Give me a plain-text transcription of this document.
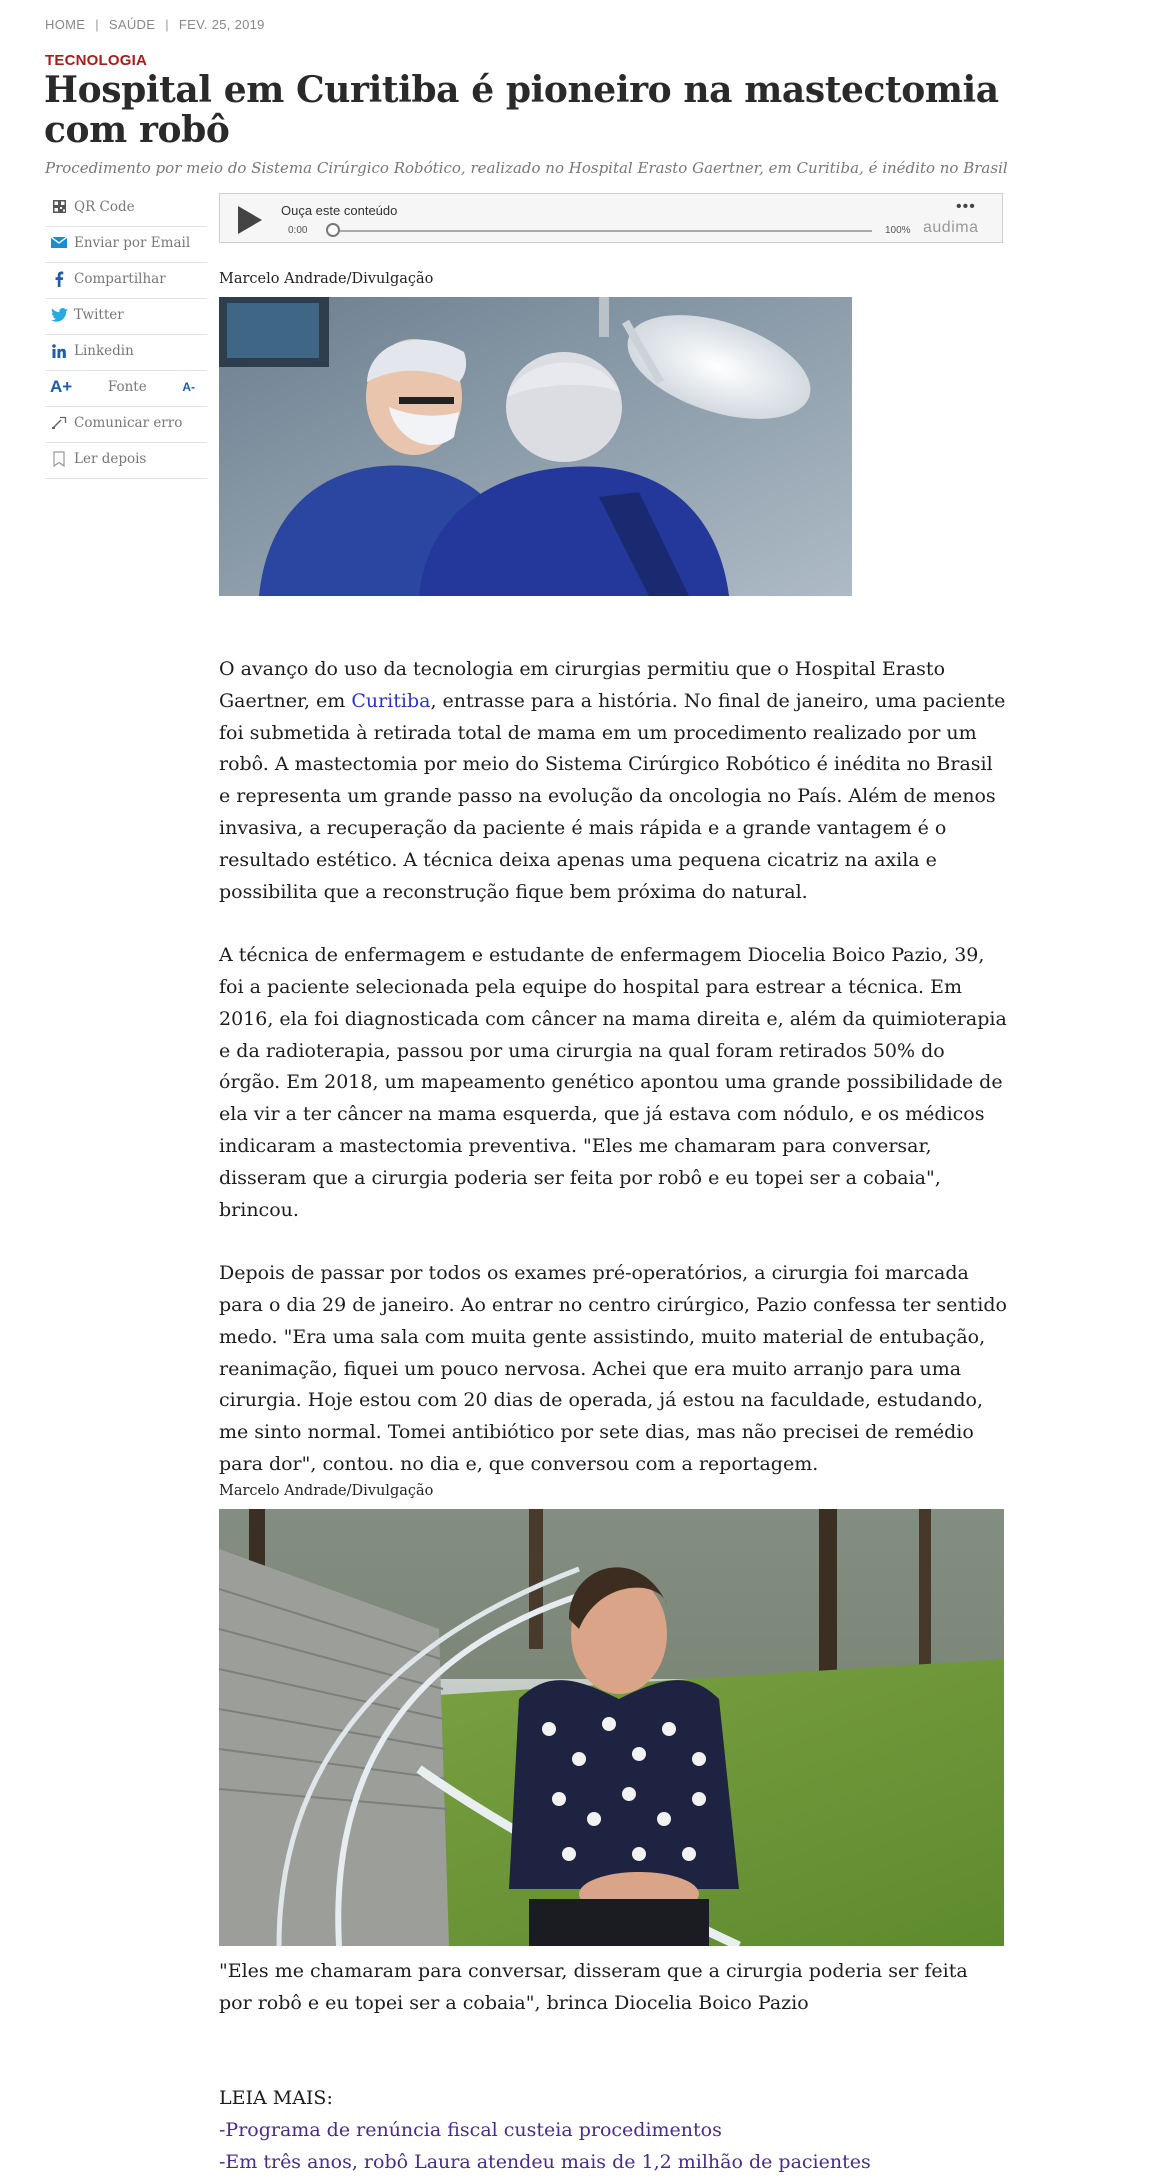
HOME | SAÚDE | FEV. 25, 2019
TECNOLOGIA
Hospital em Curitiba é pioneiro na mastectomia com robô

Procedimento por meio do Sistema Cirúrgico Robótico, realizado no Hospital Erasto Gaertner, em Curitiba, é inédito no Brasil

QR Code
Enviar por Email
Compartilhar
Twitter
Linkedin
A+	Fonte	A-
Comunicar erro
Ler depois
Ouça este conteúdo
0:00	100%
•••
audima
Marcelo Andrade/Divulgação

O avanço do uso da tecnologia em cirurgias permitiu que o Hospital Erasto Gaertner, em Curitiba, entrasse para a história. No final de janeiro, uma paciente foi submetida à retirada total de mama em um procedimento realizado por um robô. A mastectomia por meio do Sistema Cirúrgico Robótico é inédita no Brasil e representa um grande passo na evolução da oncologia no País. Além de menos invasiva, a recuperação da paciente é mais rápida e a grande vantagem é o resultado estético. A técnica deixa apenas uma pequena cicatriz na axila e possibilita que a reconstrução fique bem próxima do natural.

A técnica de enfermagem e estudante de enfermagem Diocelia Boico Pazio, 39, foi a paciente selecionada pela equipe do hospital para estrear a técnica. Em 2016, ela foi diagnosticada com câncer na mama direita e, além da quimioterapia e da radioterapia, passou por uma cirurgia na qual foram retirados 50% do órgão. Em 2018, um mapeamento genético apontou uma grande possibilidade de ela vir a ter câncer na mama esquerda, que já estava com nódulo, e os médicos indicaram a mastectomia preventiva. "Eles me chamaram para conversar, disseram que a cirurgia poderia ser feita por robô e eu topei ser a cobaia", brincou.

Depois de passar por todos os exames pré-operatórios, a cirurgia foi marcada para o dia 29 de janeiro. Ao entrar no centro cirúrgico, Pazio confessa ter sentido medo. "Era uma sala com muita gente assistindo, muito material de entubação, reanimação, fiquei um pouco nervosa. Achei que era muito arranjo para uma cirurgia. Hoje estou com 20 dias de operada, já estou na faculdade, estudando, me sinto normal. Tomei antibiótico por sete dias, mas não precisei de remédio para dor", contou. no dia e, que conversou com a reportagem.

Marcelo Andrade/Divulgação

"Eles me chamaram para conversar, disseram que a cirurgia poderia ser feita por robô e eu topei ser a cobaia", brinca Diocelia Boico Pazio

LEIA MAIS:
-Programa de renúncia fiscal custeia procedimentos
-Em três anos, robô Laura atendeu mais de 1,2 milhão de pacientes
